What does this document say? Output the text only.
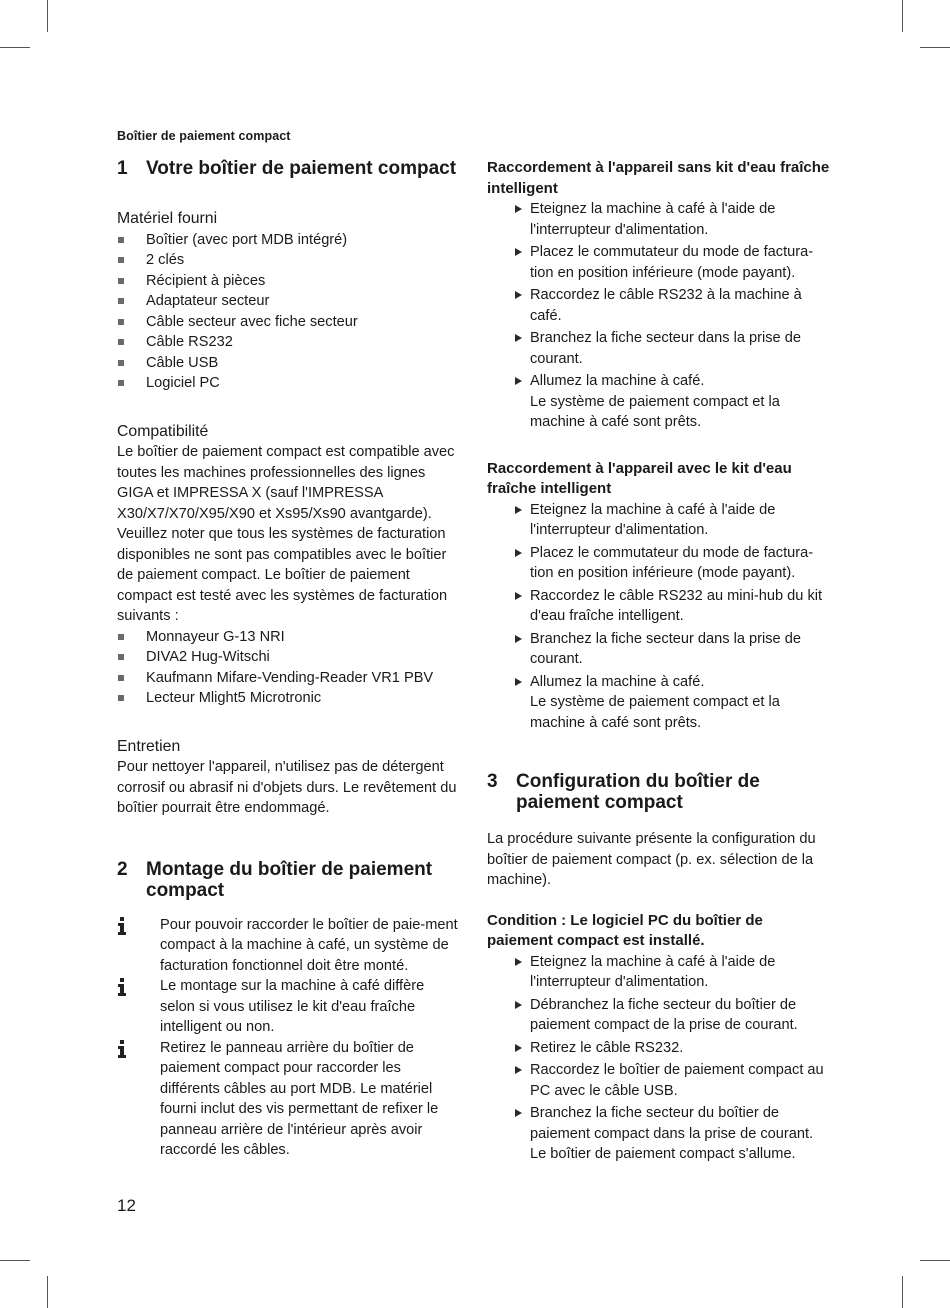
Boîtier de paiement compact
1 Votre boîtier de paiement compact
Matériel fourni
Boîtier (avec port MDB intégré)
2 clés
Récipient à pièces
Adaptateur secteur
Câble secteur avec fiche secteur
Câble RS232
Câble USB
Logiciel PC
Compatibilité

Le boîtier de paiement compact est compatible avec toutes les machines professionnelles des lignes GIGA et IMPRESSA X (sauf l'IMPRESSA X30/X7/X70/X95/X90 et Xs95/Xs90 avantgarde). Veuillez noter que tous les systèmes de facturation disponibles ne sont pas compatibles avec le boîtier de paiement compact. Le boîtier de paiement compact est testé avec les systèmes de facturation suivants :

Monnayeur G-13 NRI
DIVA2 Hug-Witschi
Kaufmann Mifare-Vending-Reader VR1 PBV
Lecteur Mlight5 Microtronic
Entretien

Pour nettoyer l'appareil, n'utilisez pas de détergent corrosif ou abrasif ni d'objets durs. Le revêtement du boîtier pourrait être endommagé.

2 Montage du boîtier de paiement compact

Pour pouvoir raccorder le boîtier de paie-ment compact à la machine à café, un système de facturation fonctionnel doit être monté.

Le montage sur la machine à café diffère selon si vous utilisez le kit d'eau fraîche intelligent ou non.

Retirez le panneau arrière du boîtier de paiement compact pour raccorder les différents câbles au port MDB. Le matériel fourni inclut des vis permettant de refixer le panneau arrière de l'intérieur après avoir raccordé les câbles.

Raccordement à l'appareil sans kit d'eau fraîche intelligent
Eteignez la machine à café à l'aide de l'interrupteur d'alimentation.
Placez le commutateur du mode de factura-tion en position inférieure (mode payant).
Raccordez le câble RS232 à la machine à café.
Branchez la fiche secteur dans la prise de courant.
Allumez la machine à café.
Le système de paiement compact et la machine à café sont prêts.
Raccordement à l'appareil avec le kit d'eau fraîche intelligent
Eteignez la machine à café à l'aide de l'interrupteur d'alimentation.
Placez le commutateur du mode de factura-tion en position inférieure (mode payant).
Raccordez le câble RS232 au mini-hub du kit d'eau fraîche intelligent.
Branchez la fiche secteur dans la prise de courant.
Allumez la machine à café.
Le système de paiement compact et la machine à café sont prêts.
3 Configuration du boîtier de paiement compact

La procédure suivante présente la configuration du boîtier de paiement compact (p. ex. sélection de la machine).

Condition : Le logiciel PC du boîtier de paiement compact est installé.
Eteignez la machine à café à l'aide de l'interrupteur d'alimentation.
Débranchez la fiche secteur du boîtier de paiement compact de la prise de courant.
Retirez le câble RS232.
Raccordez le boîtier de paiement compact au PC avec le câble USB.
Branchez la fiche secteur du boîtier de paiement compact dans la prise de courant.
Le boîtier de paiement compact s'allume.
12
